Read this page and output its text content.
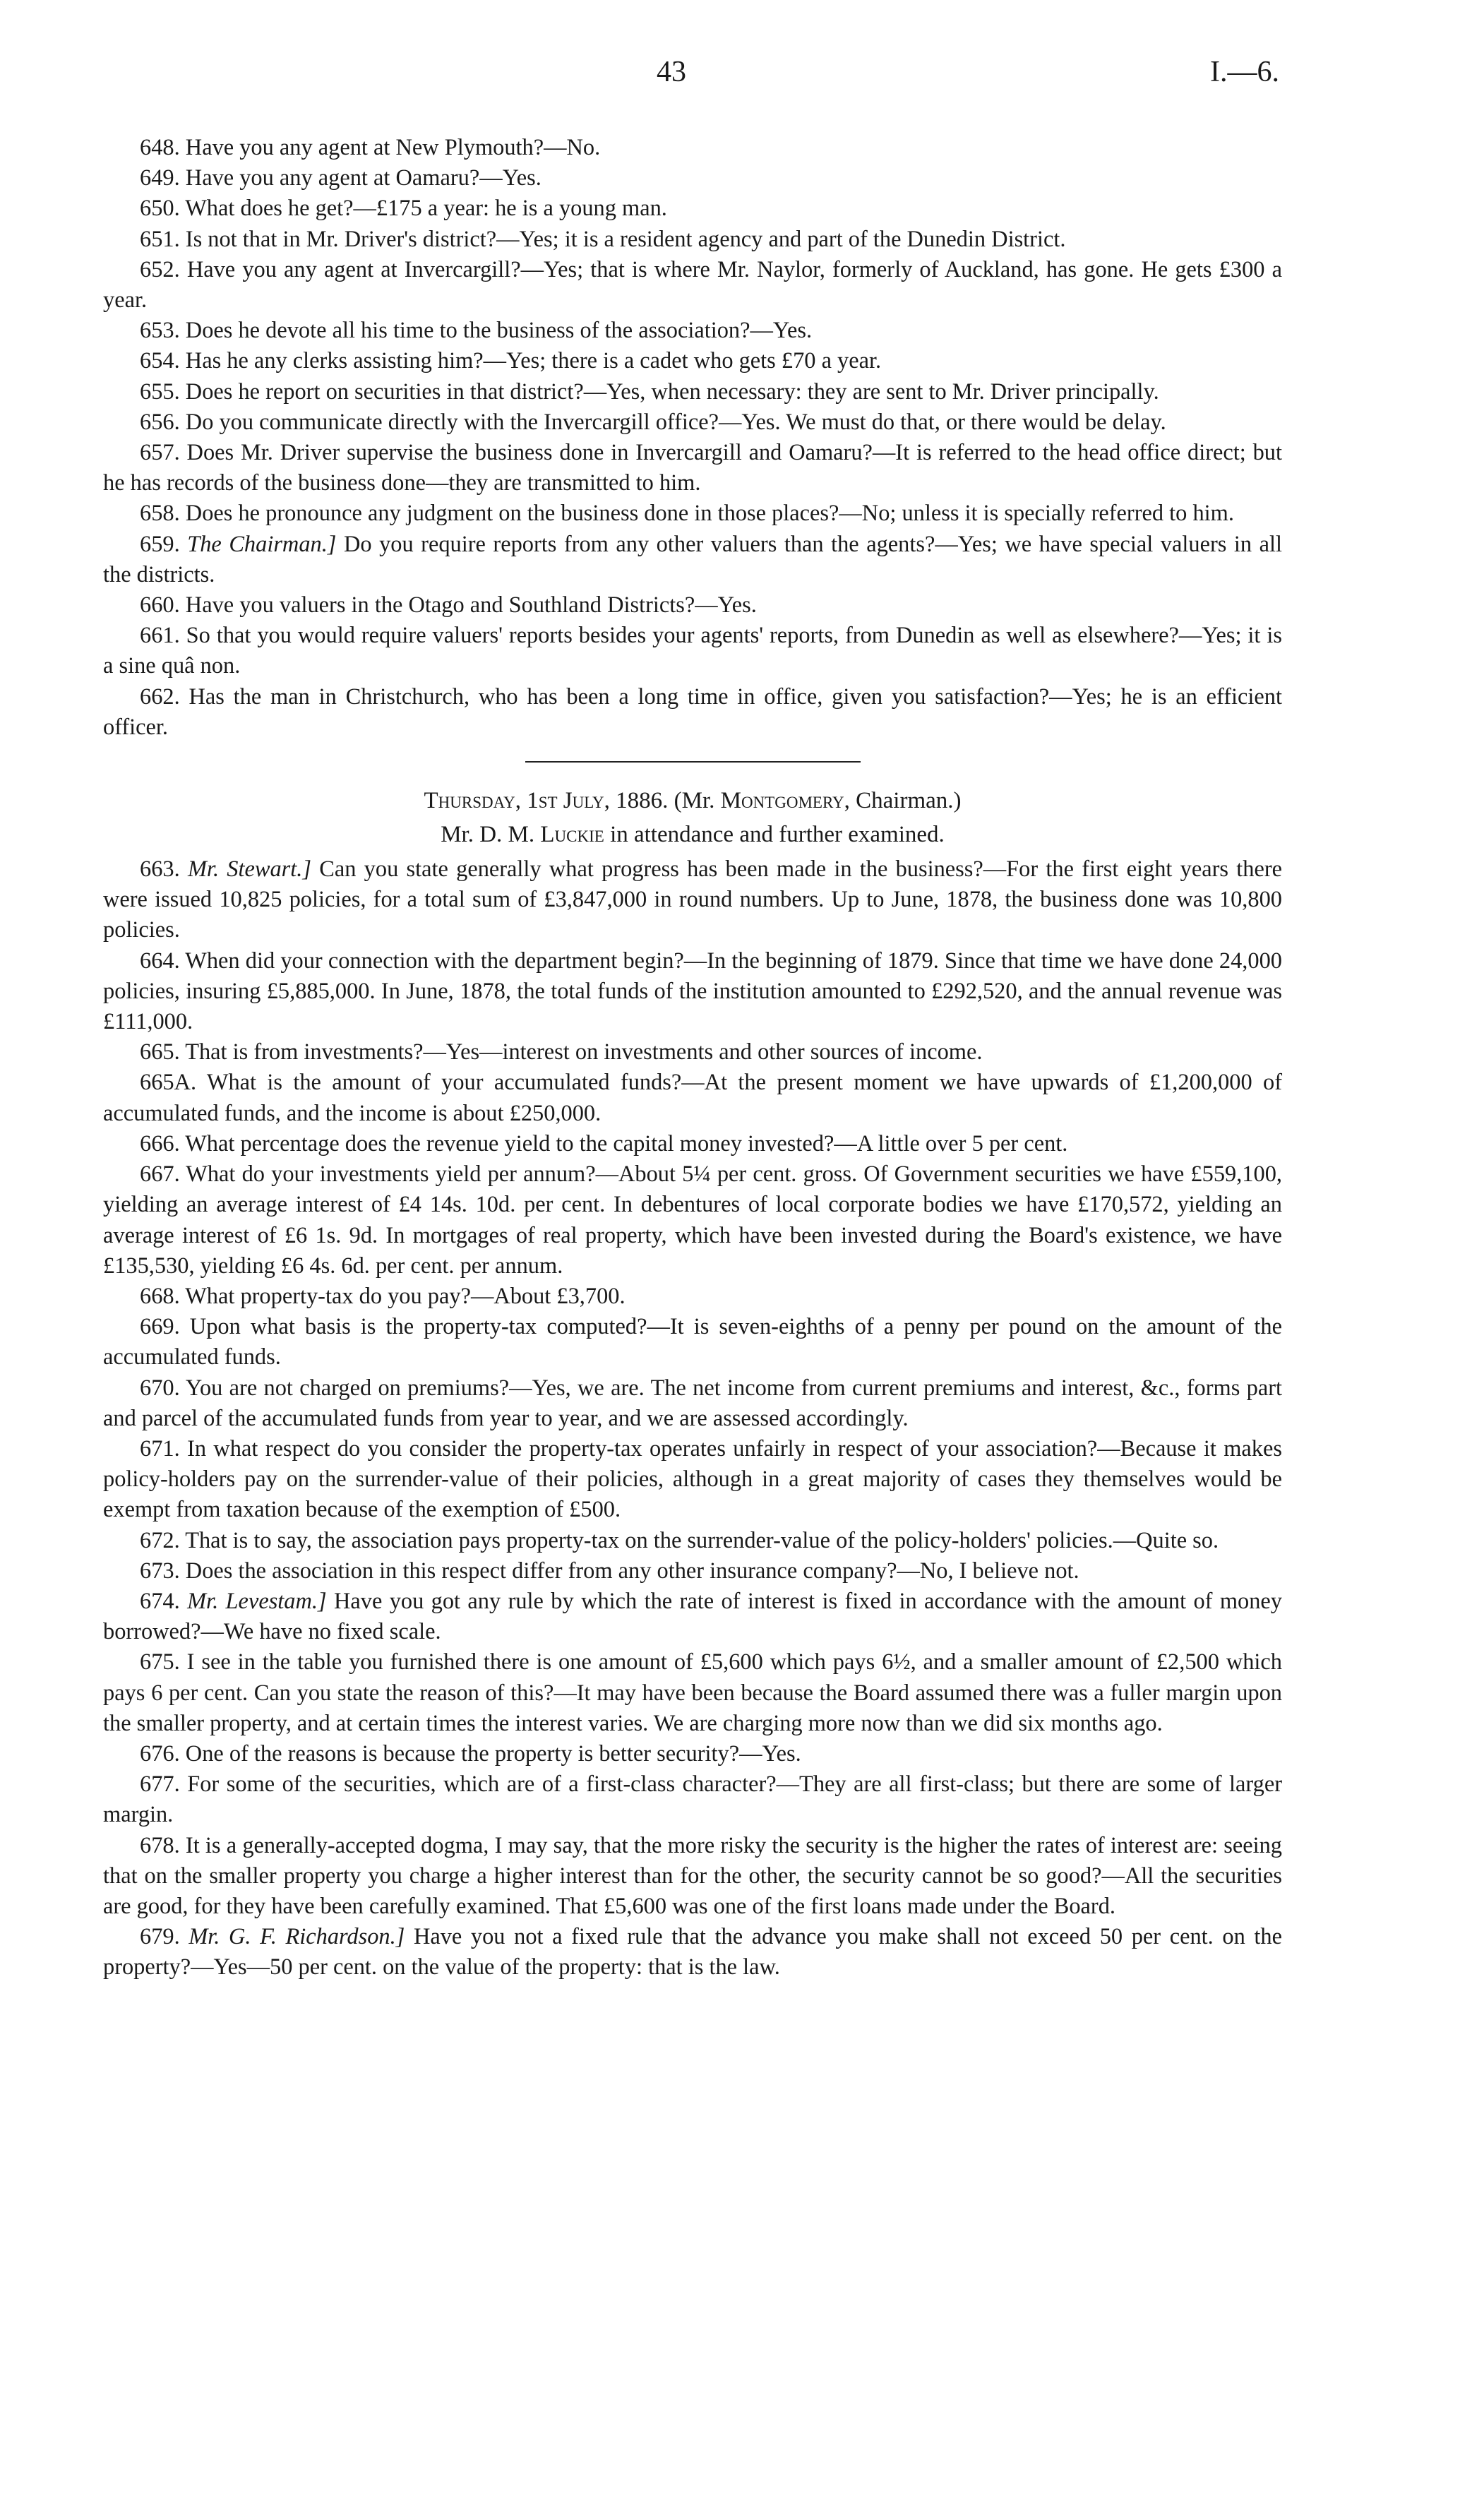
43	I.—6.

648. Have you any agent at New Plymouth?—No.

649. Have you any agent at Oamaru?—Yes.

650. What does he get?—£175 a year: he is a young man.

651. Is not that in Mr. Driver's district?—Yes; it is a resident agency and part of the Dunedin District.

652. Have you any agent at Invercargill?—Yes; that is where Mr. Naylor, formerly of Auckland, has gone. He gets £300 a year.

653. Does he devote all his time to the business of the association?—Yes.

654. Has he any clerks assisting him?—Yes; there is a cadet who gets £70 a year.

655. Does he report on securities in that district?—Yes, when necessary: they are sent to Mr. Driver principally.

656. Do you communicate directly with the Invercargill office?—Yes. We must do that, or there would be delay.

657. Does Mr. Driver supervise the business done in Invercargill and Oamaru?—It is referred to the head office direct; but he has records of the business done—they are transmitted to him.

658. Does he pronounce any judgment on the business done in those places?—No; unless it is specially referred to him.

659. The Chairman.] Do you require reports from any other valuers than the agents?—Yes; we have special valuers in all the districts.

660. Have you valuers in the Otago and Southland Districts?—Yes.

661. So that you would require valuers' reports besides your agents' reports, from Dunedin as well as elsewhere?—Yes; it is a sine quâ non.

662. Has the man in Christchurch, who has been a long time in office, given you satisfaction?—Yes; he is an efficient officer.

Thursday, 1st July, 1886. (Mr. Montgomery, Chairman.)

Mr. D. M. Luckie in attendance and further examined.

663. Mr. Stewart.] Can you state generally what progress has been made in the business?—For the first eight years there were issued 10,825 policies, for a total sum of £3,847,000 in round numbers. Up to June, 1878, the business done was 10,800 policies.

664. When did your connection with the department begin?—In the beginning of 1879. Since that time we have done 24,000 policies, insuring £5,885,000. In June, 1878, the total funds of the institution amounted to £292,520, and the annual revenue was £111,000.

665. That is from investments?—Yes—interest on investments and other sources of income.

665A. What is the amount of your accumulated funds?—At the present moment we have upwards of £1,200,000 of accumulated funds, and the income is about £250,000.

666. What percentage does the revenue yield to the capital money invested?—A little over 5 per cent.

667. What do your investments yield per annum?—About 5¼ per cent. gross. Of Government securities we have £559,100, yielding an average interest of £4 14s. 10d. per cent. In debentures of local corporate bodies we have £170,572, yielding an average interest of £6 1s. 9d. In mortgages of real property, which have been invested during the Board's existence, we have £135,530, yielding £6 4s. 6d. per cent. per annum.

668. What property-tax do you pay?—About £3,700.

669. Upon what basis is the property-tax computed?—It is seven-eighths of a penny per pound on the amount of the accumulated funds.

670. You are not charged on premiums?—Yes, we are. The net income from current premiums and interest, &c., forms part and parcel of the accumulated funds from year to year, and we are assessed accordingly.

671. In what respect do you consider the property-tax operates unfairly in respect of your association?—Because it makes policy-holders pay on the surrender-value of their policies, although in a great majority of cases they themselves would be exempt from taxation because of the exemption of £500.

672. That is to say, the association pays property-tax on the surrender-value of the policy-holders' policies.—Quite so.

673. Does the association in this respect differ from any other insurance company?—No, I believe not.

674. Mr. Levestam.] Have you got any rule by which the rate of interest is fixed in accordance with the amount of money borrowed?—We have no fixed scale.

675. I see in the table you furnished there is one amount of £5,600 which pays 6½, and a smaller amount of £2,500 which pays 6 per cent. Can you state the reason of this?—It may have been because the Board assumed there was a fuller margin upon the smaller property, and at certain times the interest varies. We are charging more now than we did six months ago.

676. One of the reasons is because the property is better security?—Yes.

677. For some of the securities, which are of a first-class character?—They are all first-class; but there are some of larger margin.

678. It is a generally-accepted dogma, I may say, that the more risky the security is the higher the rates of interest are: seeing that on the smaller property you charge a higher interest than for the other, the security cannot be so good?—All the securities are good, for they have been carefully examined. That £5,600 was one of the first loans made under the Board.

679. Mr. G. F. Richardson.] Have you not a fixed rule that the advance you make shall not exceed 50 per cent. on the property?—Yes—50 per cent. on the value of the property: that is the law.
